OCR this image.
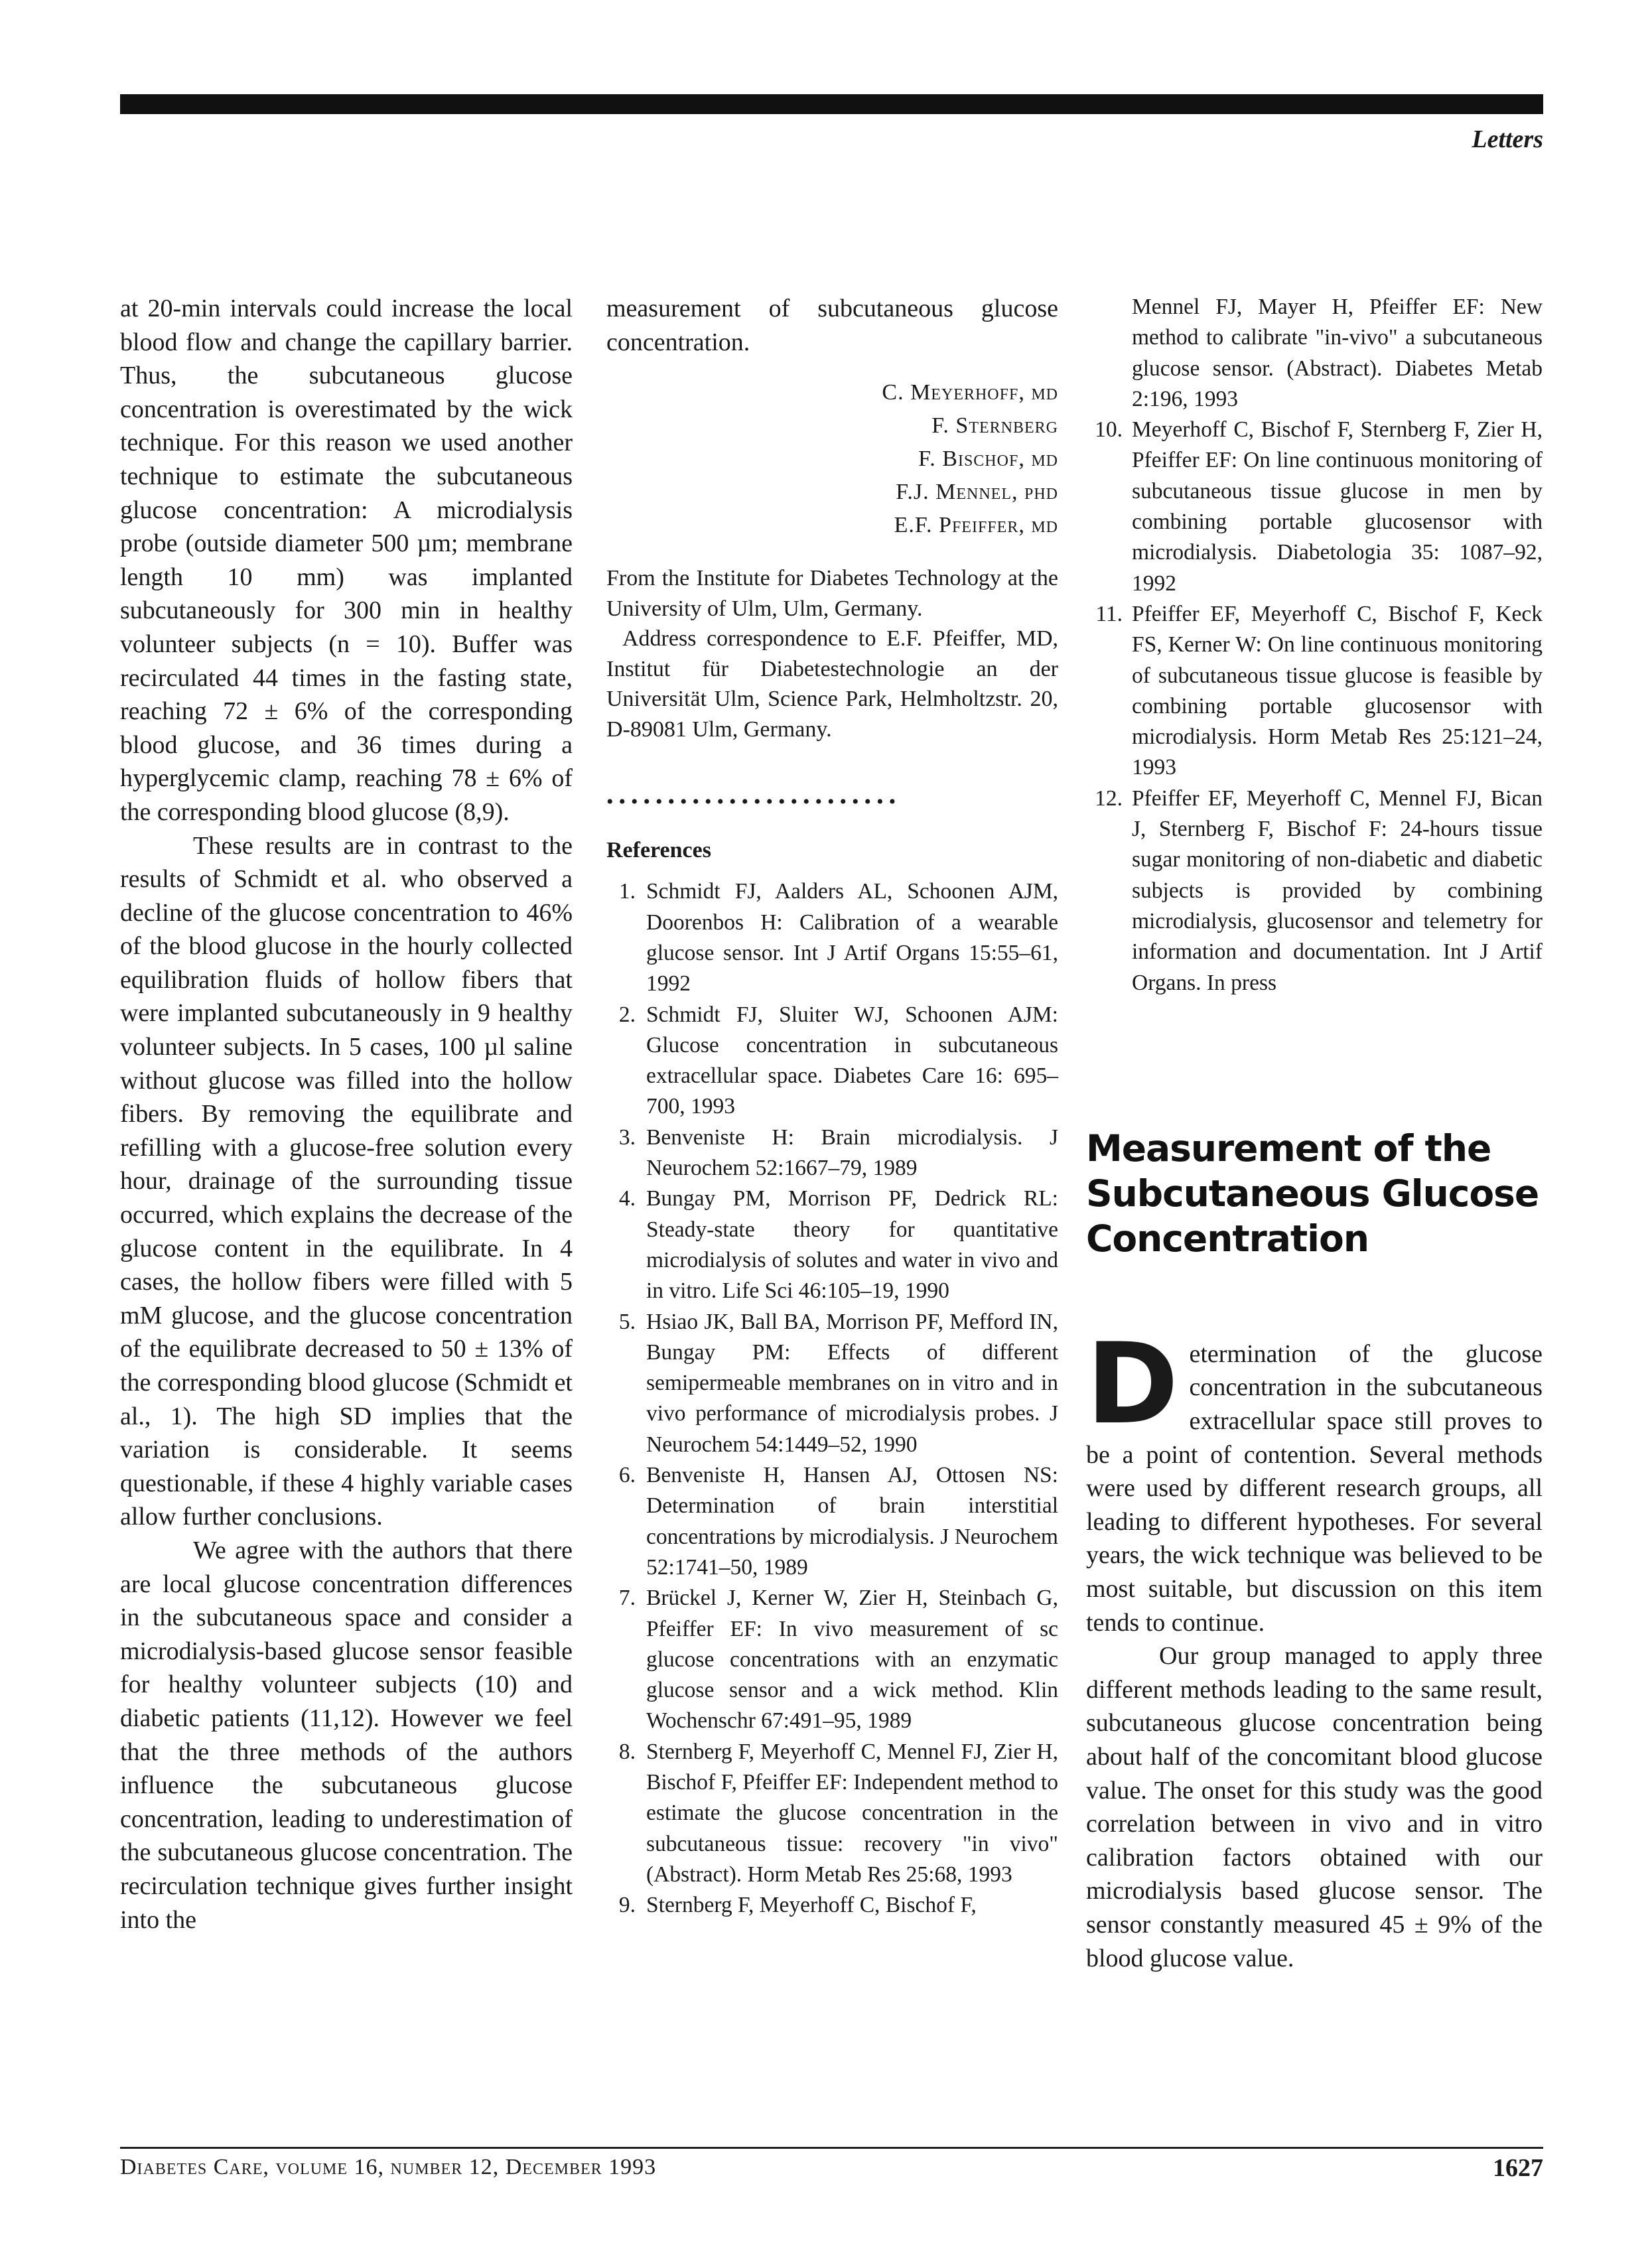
Letters

at 20-min intervals could increase the local blood flow and change the capillary barrier. Thus, the subcutaneous glucose concentration is overestimated by the wick technique. For this reason we used another technique to estimate the subcutaneous glucose concentration: A microdialysis probe (outside diameter 500 µm; membrane length 10 mm) was implanted subcutaneously for 300 min in healthy volunteer subjects (n = 10). Buffer was recirculated 44 times in the fasting state, reaching 72 ± 6% of the corresponding blood glucose, and 36 times during a hyperglycemic clamp, reaching 78 ± 6% of the corresponding blood glucose (8,9).

These results are in contrast to the results of Schmidt et al. who observed a decline of the glucose concentration to 46% of the blood glucose in the hourly collected equilibration fluids of hollow fibers that were implanted subcutaneously in 9 healthy volunteer subjects. In 5 cases, 100 µl saline without glucose was filled into the hollow fibers. By removing the equilibrate and refilling with a glucose-free solution every hour, drainage of the surrounding tissue occurred, which explains the decrease of the glucose content in the equilibrate. In 4 cases, the hollow fibers were filled with 5 mM glucose, and the glucose concentration of the equilibrate decreased to 50 ± 13% of the corresponding blood glucose (Schmidt et al., 1). The high SD implies that the variation is considerable. It seems questionable, if these 4 highly variable cases allow further conclusions.

We agree with the authors that there are local glucose concentration differences in the subcutaneous space and consider a microdialysis-based glucose sensor feasible for healthy volunteer subjects (10) and diabetic patients (11,12). However we feel that the three methods of the authors influence the subcutaneous glucose concentration, leading to underestimation of the subcutaneous glucose concentration. The recirculation technique gives further insight into the

measurement of subcutaneous glucose concentration.

C. Meyerhoff, md
F. Sternberg
F. Bischof, md
F.J. Mennel, phd
E.F. Pfeiffer, md

From the Institute for Diabetes Technology at the University of Ulm, Ulm, Germany.

Address correspondence to E.F. Pfeiffer, MD, Institut für Diabetestechnologie an der Universität Ulm, Science Park, Helmholtzstr. 20, D-89081 Ulm, Germany.

••••••••••••••••••••••••
References
1. Schmidt FJ, Aalders AL, Schoonen AJM, Doorenbos H: Calibration of a wearable glucose sensor. Int J Artif Organs 15:55–61, 1992
2. Schmidt FJ, Sluiter WJ, Schoonen AJM: Glucose concentration in subcutaneous extracellular space. Diabetes Care 16: 695–700, 1993
3. Benveniste H: Brain microdialysis. J Neurochem 52:1667–79, 1989
4. Bungay PM, Morrison PF, Dedrick RL: Steady-state theory for quantitative microdialysis of solutes and water in vivo and in vitro. Life Sci 46:105–19, 1990
5. Hsiao JK, Ball BA, Morrison PF, Mefford IN, Bungay PM: Effects of different semipermeable membranes on in vitro and in vivo performance of microdialysis probes. J Neurochem 54:1449–52, 1990
6. Benveniste H, Hansen AJ, Ottosen NS: Determination of brain interstitial concentrations by microdialysis. J Neurochem 52:1741–50, 1989
7. Brückel J, Kerner W, Zier H, Steinbach G, Pfeiffer EF: In vivo measurement of sc glucose concentrations with an enzymatic glucose sensor and a wick method. Klin Wochenschr 67:491–95, 1989
8. Sternberg F, Meyerhoff C, Mennel FJ, Zier H, Bischof F, Pfeiffer EF: Independent method to estimate the glucose concentration in the subcutaneous tissue: recovery "in vivo" (Abstract). Horm Metab Res 25:68, 1993
9. Sternberg F, Meyerhoff C, Bischof F,
Mennel FJ, Mayer H, Pfeiffer EF: New method to calibrate "in-vivo" a subcutaneous glucose sensor. (Abstract). Diabetes Metab 2:196, 1993
10. Meyerhoff C, Bischof F, Sternberg F, Zier H, Pfeiffer EF: On line continuous monitoring of subcutaneous tissue glucose in men by combining portable glucosensor with microdialysis. Diabetologia 35: 1087–92, 1992
11. Pfeiffer EF, Meyerhoff C, Bischof F, Keck FS, Kerner W: On line continuous monitoring of subcutaneous tissue glucose is feasible by combining portable glucosensor with microdialysis. Horm Metab Res 25:121–24, 1993
12. Pfeiffer EF, Meyerhoff C, Mennel FJ, Bican J, Sternberg F, Bischof F: 24-hours tissue sugar monitoring of non-diabetic and diabetic subjects is provided by combining microdialysis, glucosensor and telemetry for information and documentation. Int J Artif Organs. In press
Measurement of the Subcutaneous Glucose Concentration

Determination of the glucose concentration in the subcutaneous extracellular space still proves to be a point of contention. Several methods were used by different research groups, all leading to different hypotheses. For several years, the wick technique was believed to be most suitable, but discussion on this item tends to continue.

Our group managed to apply three different methods leading to the same result, subcutaneous glucose concentration being about half of the concomitant blood glucose value. The onset for this study was the good correlation between in vivo and in vitro calibration factors obtained with our microdialysis based glucose sensor. The sensor constantly measured 45 ± 9% of the blood glucose value.

Diabetes Care, volume 16, number 12, December 1993	1627
